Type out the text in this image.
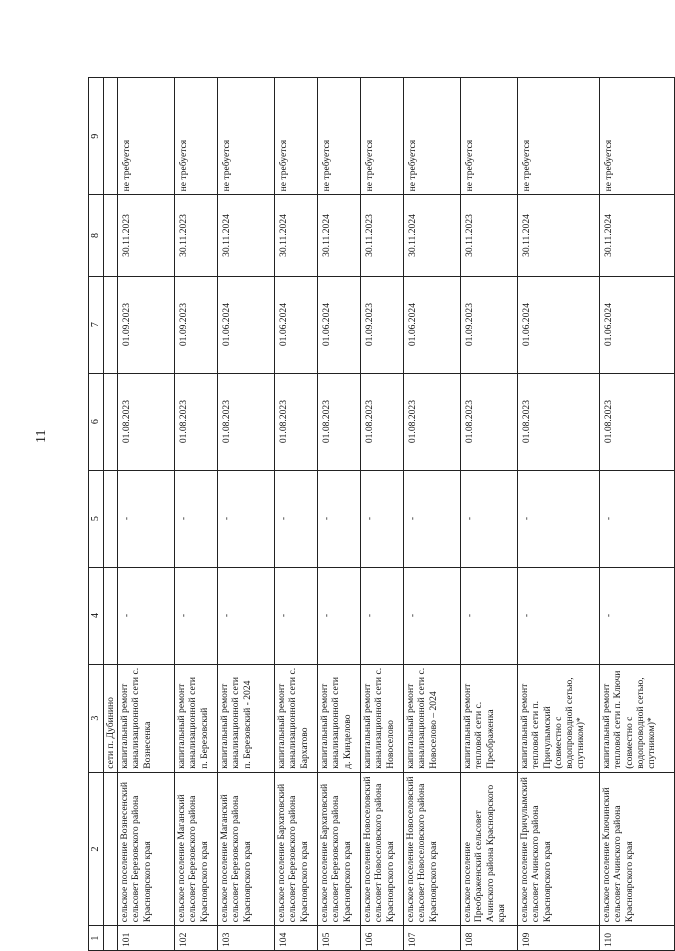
11
1	2	3	4	5	6	7	8	9
		сети п. Дубинино						
101	сельское поселение Вознесенский сельсовет Березовского района Красноярского края	капитальный ремонт канализационной сети с. Вознесенка	-	-	01.08.2023	01.09.2023	30.11.2023	не требуется
102	сельское поселение Маганский сельсовет Березовского района Красноярского края	капитальный ремонт канализационной сети п. Березовский	-	-	01.08.2023	01.09.2023	30.11.2023	не требуется
103	сельское поселение Маганский сельсовет Березовского района Красноярского края	капитальный ремонт канализационной сети п. Березовский - 2024	-	-	01.08.2023	01.06.2024	30.11.2024	не требуется
104	сельское поселение Бархатовский сельсовет Березовского района Красноярского края	капитальный ремонт канализационной сети с. Бархатово	-	-	01.08.2023	01.06.2024	30.11.2024	не требуется
105	сельское поселение Бархатовский сельсовет Березовского района Красноярского края	капитальный ремонт канализационной сети д. Кинделово	-	-	01.08.2023	01.06.2024	30.11.2024	не требуется
106	сельское поселение Новоселовский сельсовет Новоселовского района Красноярского края	капитальный ремонт канализационной сети с. Новоселово	-	-	01.08.2023	01.09.2023	30.11.2023	не требуется
107	сельское поселение Новоселовский сельсовет Новоселовского района Красноярского края	капитальный ремонт канализационной сети с. Новоселово – 2024	-	-	01.08.2023	01.06.2024	30.11.2024	не требуется
108	сельское поселение Преображенский сельсовет Ачинского района Красноярского края	капитальный ремонт тепловой сети с. Преображенка	-	-	01.08.2023	01.09.2023	30.11.2023	не требуется
109	сельское поселение Причулымский сельсовет Ачинского района Красноярского края	капитальный ремонт тепловой сети п. Причулымский (совместно с водопроводной сетью, спутником)*	-	-	01.08.2023	01.06.2024	30.11.2024	не требуется
110	сельское поселение Ключинский сельсовет Ачинского района Красноярского края	капитальный ремонт тепловой сети п. Ключи (совместно с водопроводной сетью, спутником)*	-	-	01.08.2023	01.06.2024	30.11.2024	не требуется
